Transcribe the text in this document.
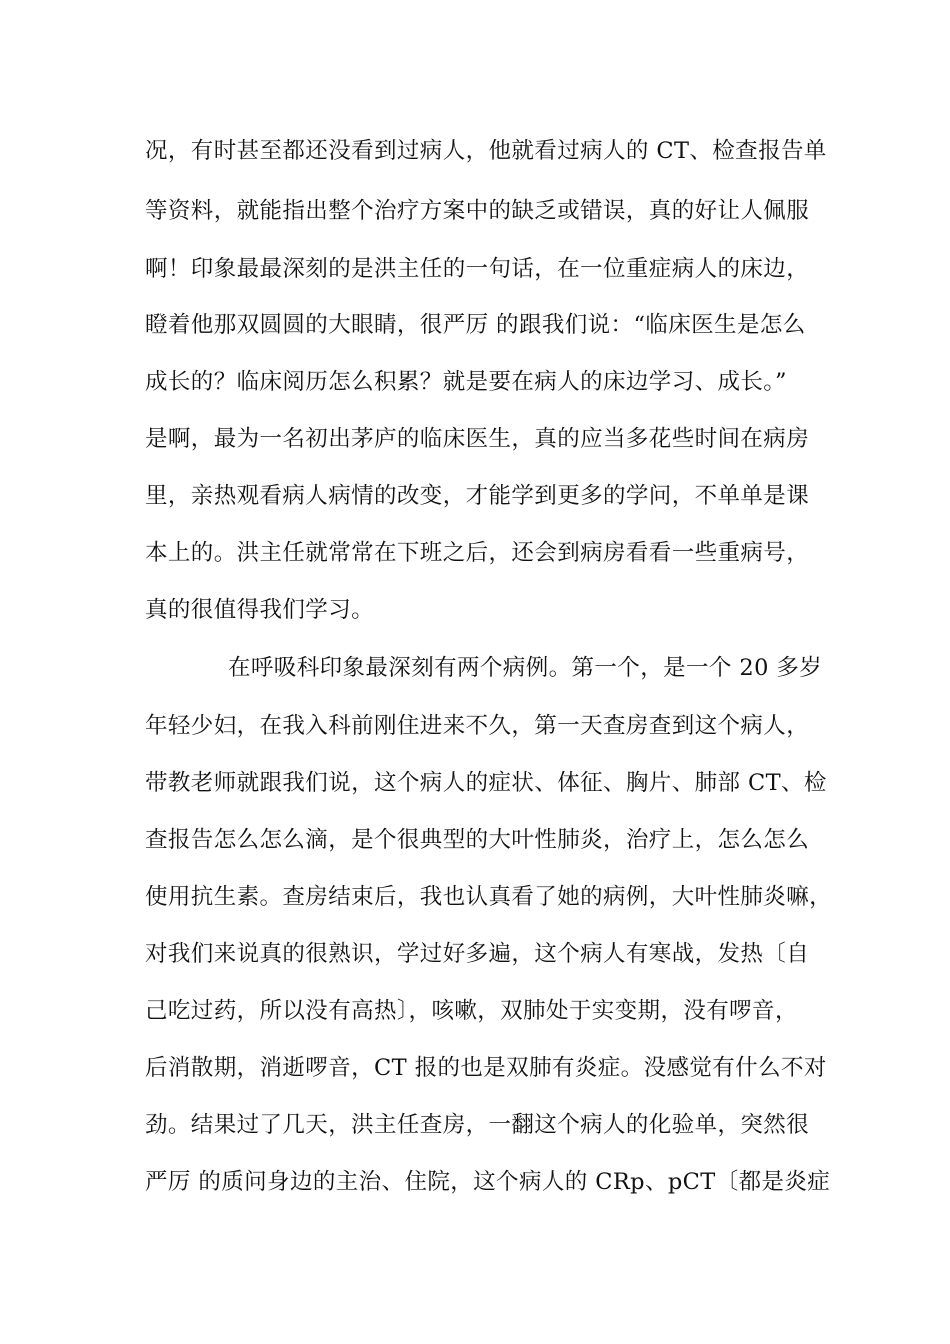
况，有时甚至都还没看到过病人，他就看过病人的 CT、检查报告单
等资料，就能指出整个治疗方案中的缺乏或错误，真的好让人佩服
啊！印象最最深刻的是洪主任的一句话，在一位重症病人的床边，
瞪着他那双圆圆的大眼睛，很严厉 的跟我们说：“临床医生是怎么
成长的？临床阅历怎么积累？就是要在病人的床边学习、成长。”
是啊，最为一名初出茅庐的临床医生，真的应当多花些时间在病房
里，亲热观看病人病情的改变，才能学到更多的学问，不单单是课
本上的。洪主任就常常在下班之后，还会到病房看看一些重病号，
真的很值得我们学习。
在呼吸科印象最深刻有两个病例。第一个，是一个 20 多岁
年轻少妇，在我入科前刚住进来不久，第一天查房查到这个病人，
带教老师就跟我们说，这个病人的症状、体征、胸片、肺部 CT、检
查报告怎么怎么滴，是个很典型的大叶性肺炎，治疗上，怎么怎么
使用抗生素。查房结束后，我也认真看了她的病例，大叶性肺炎嘛，
对我们来说真的很熟识，学过好多遍，这个病人有寒战，发热〔自
己吃过药，所以没有高热〕，咳嗽，双肺处于实变期，没有啰音，
后消散期，消逝啰音，CT 报的也是双肺有炎症。没感觉有什么不对
劲。结果过了几天，洪主任查房，一翻这个病人的化验单，突然很
严厉 的质问身边的主治、住院，这个病人的 CRp、pCT〔都是炎症
